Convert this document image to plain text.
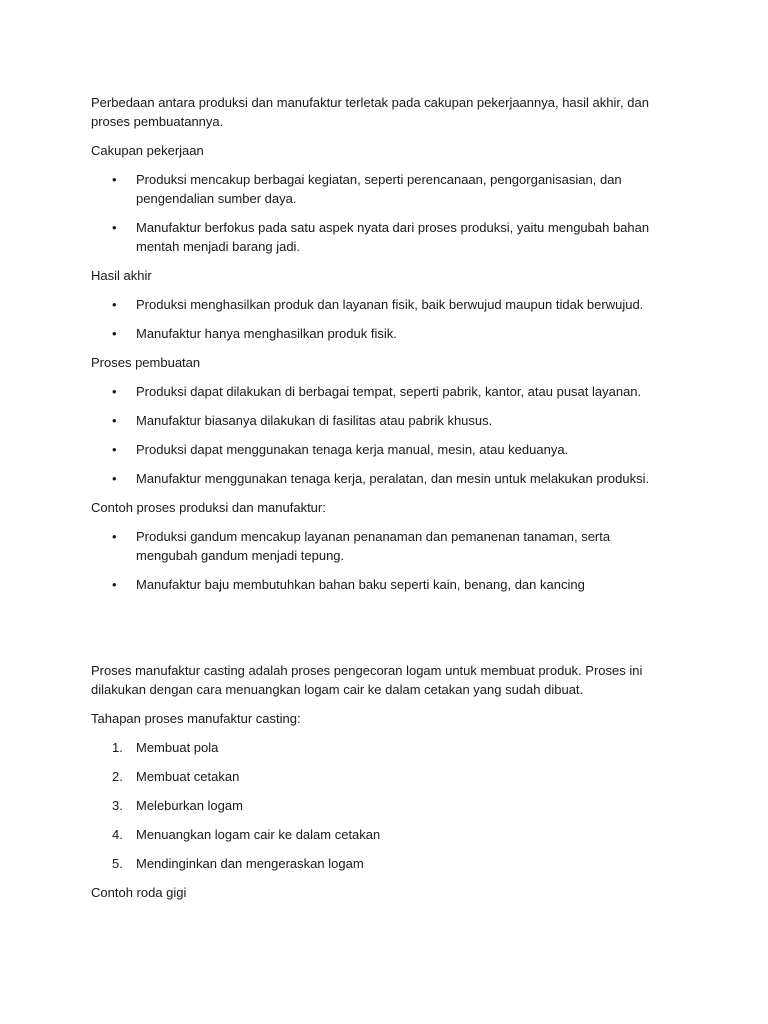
Perbedaan antara produksi dan manufaktur terletak pada cakupan pekerjaannya, hasil akhir, dan proses pembuatannya.

Cakupan pekerjaan

• Produksi mencakup berbagai kegiatan, seperti perencanaan, pengorganisasian, dan pengendalian sumber daya.
• Manufaktur berfokus pada satu aspek nyata dari proses produksi, yaitu mengubah bahan mentah menjadi barang jadi.

Hasil akhir

• Produksi menghasilkan produk dan layanan fisik, baik berwujud maupun tidak berwujud.
• Manufaktur hanya menghasilkan produk fisik.

Proses pembuatan

• Produksi dapat dilakukan di berbagai tempat, seperti pabrik, kantor, atau pusat layanan.
• Manufaktur biasanya dilakukan di fasilitas atau pabrik khusus.
• Produksi dapat menggunakan tenaga kerja manual, mesin, atau keduanya.
• Manufaktur menggunakan tenaga kerja, peralatan, dan mesin untuk melakukan produksi.

Contoh proses produksi dan manufaktur:

• Produksi gandum mencakup layanan penanaman dan pemanenan tanaman, serta mengubah gandum menjadi tepung.
• Manufaktur baju membutuhkan bahan baku seperti kain, benang, dan kancing

Proses manufaktur casting adalah proses pengecoran logam untuk membuat produk. Proses ini dilakukan dengan cara menuangkan logam cair ke dalam cetakan yang sudah dibuat.

Tahapan proses manufaktur casting:

1. Membuat pola
2. Membuat cetakan
3. Meleburkan logam
4. Menuangkan logam cair ke dalam cetakan
5. Mendinginkan dan mengeraskan logam

Contoh roda gigi
